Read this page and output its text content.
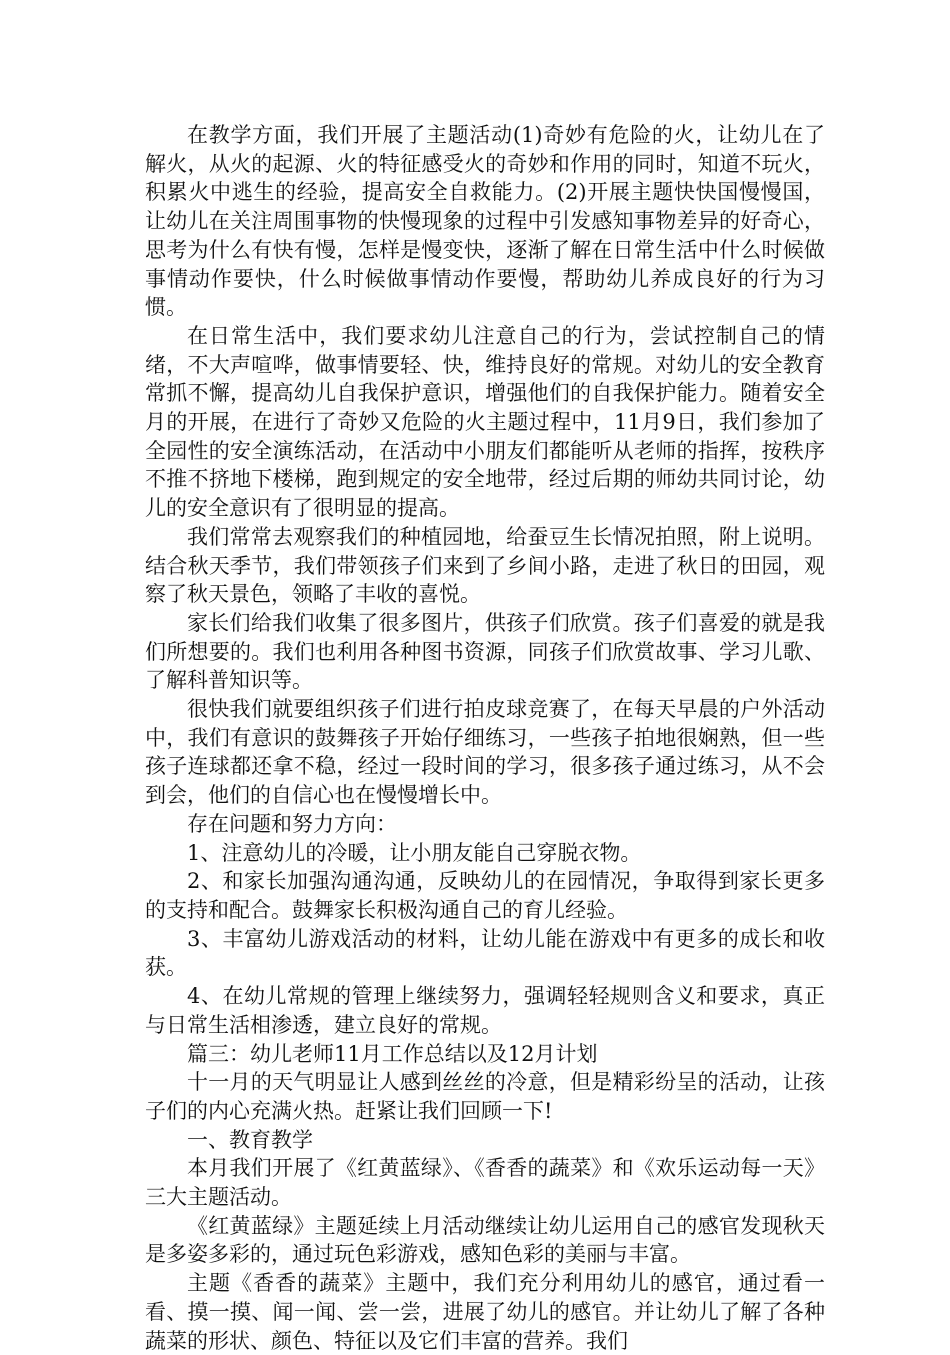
在教学方面，我们开展了主题活动(1)奇妙有危险的火，让幼儿在了解火，从火的起源、火的特征感受火的奇妙和作用的同时，知道不玩火，积累火中逃生的经验，提高安全自救能力。(2)开展主题快快国慢慢国，让幼儿在关注周围事物的快慢现象的过程中引发感知事物差异的好奇心，思考为什么有快有慢，怎样是慢变快，逐渐了解在日常生活中什么时候做事情动作要快，什么时候做事情动作要慢，帮助幼儿养成良好的行为习惯。

在日常生活中，我们要求幼儿注意自己的行为，尝试控制自己的情绪，不大声喧哗，做事情要轻、快，维持良好的常规。对幼儿的安全教育常抓不懈，提高幼儿自我保护意识，增强他们的自我保护能力。随着安全月的开展，在进行了奇妙又危险的火主题过程中，11月9日，我们参加了全园性的安全演练活动，在活动中小朋友们都能听从老师的指挥，按秩序不推不挤地下楼梯，跑到规定的安全地带，经过后期的师幼共同讨论，幼儿的安全意识有了很明显的提高。

我们常常去观察我们的种植园地，给蚕豆生长情况拍照，附上说明。结合秋天季节，我们带领孩子们来到了乡间小路，走进了秋日的田园，观察了秋天景色，领略了丰收的喜悦。

家长们给我们收集了很多图片，供孩子们欣赏。孩子们喜爱的就是我们所想要的。我们也利用各种图书资源，同孩子们欣赏故事、学习儿歌、了解科普知识等。

很快我们就要组织孩子们进行拍皮球竞赛了，在每天早晨的户外活动中，我们有意识的鼓舞孩子开始仔细练习，一些孩子拍地很娴熟，但一些孩子连球都还拿不稳，经过一段时间的学习，很多孩子通过练习，从不会到会，他们的自信心也在慢慢增长中。

存在问题和努力方向：

1、注意幼儿的冷暖，让小朋友能自己穿脱衣物。

2、和家长加强沟通沟通，反映幼儿的在园情况，争取得到家长更多的支持和配合。鼓舞家长积极沟通自己的育儿经验。

3、丰富幼儿游戏活动的材料，让幼儿能在游戏中有更多的成长和收获。

4、在幼儿常规的管理上继续努力，强调轻轻规则含义和要求，真正与日常生活相渗透，建立良好的常规。

篇三：幼儿老师11月工作总结以及12月计划

十一月的天气明显让人感到丝丝的冷意，但是精彩纷呈的活动，让孩子们的内心充满火热。赶紧让我们回顾一下!

一、教育教学

本月我们开展了《红黄蓝绿》、《香香的蔬菜》和《欢乐运动每一天》三大主题活动。

《红黄蓝绿》主题延续上月活动继续让幼儿运用自己的感官发现秋天是多姿多彩的，通过玩色彩游戏，感知色彩的美丽与丰富。

主题《香香的蔬菜》主题中，我们充分利用幼儿的感官，通过看一看、摸一摸、闻一闻、尝一尝，进展了幼儿的感官。并让幼儿了解了各种蔬菜的形状、颜色、特征以及它们丰富的营养。我们
